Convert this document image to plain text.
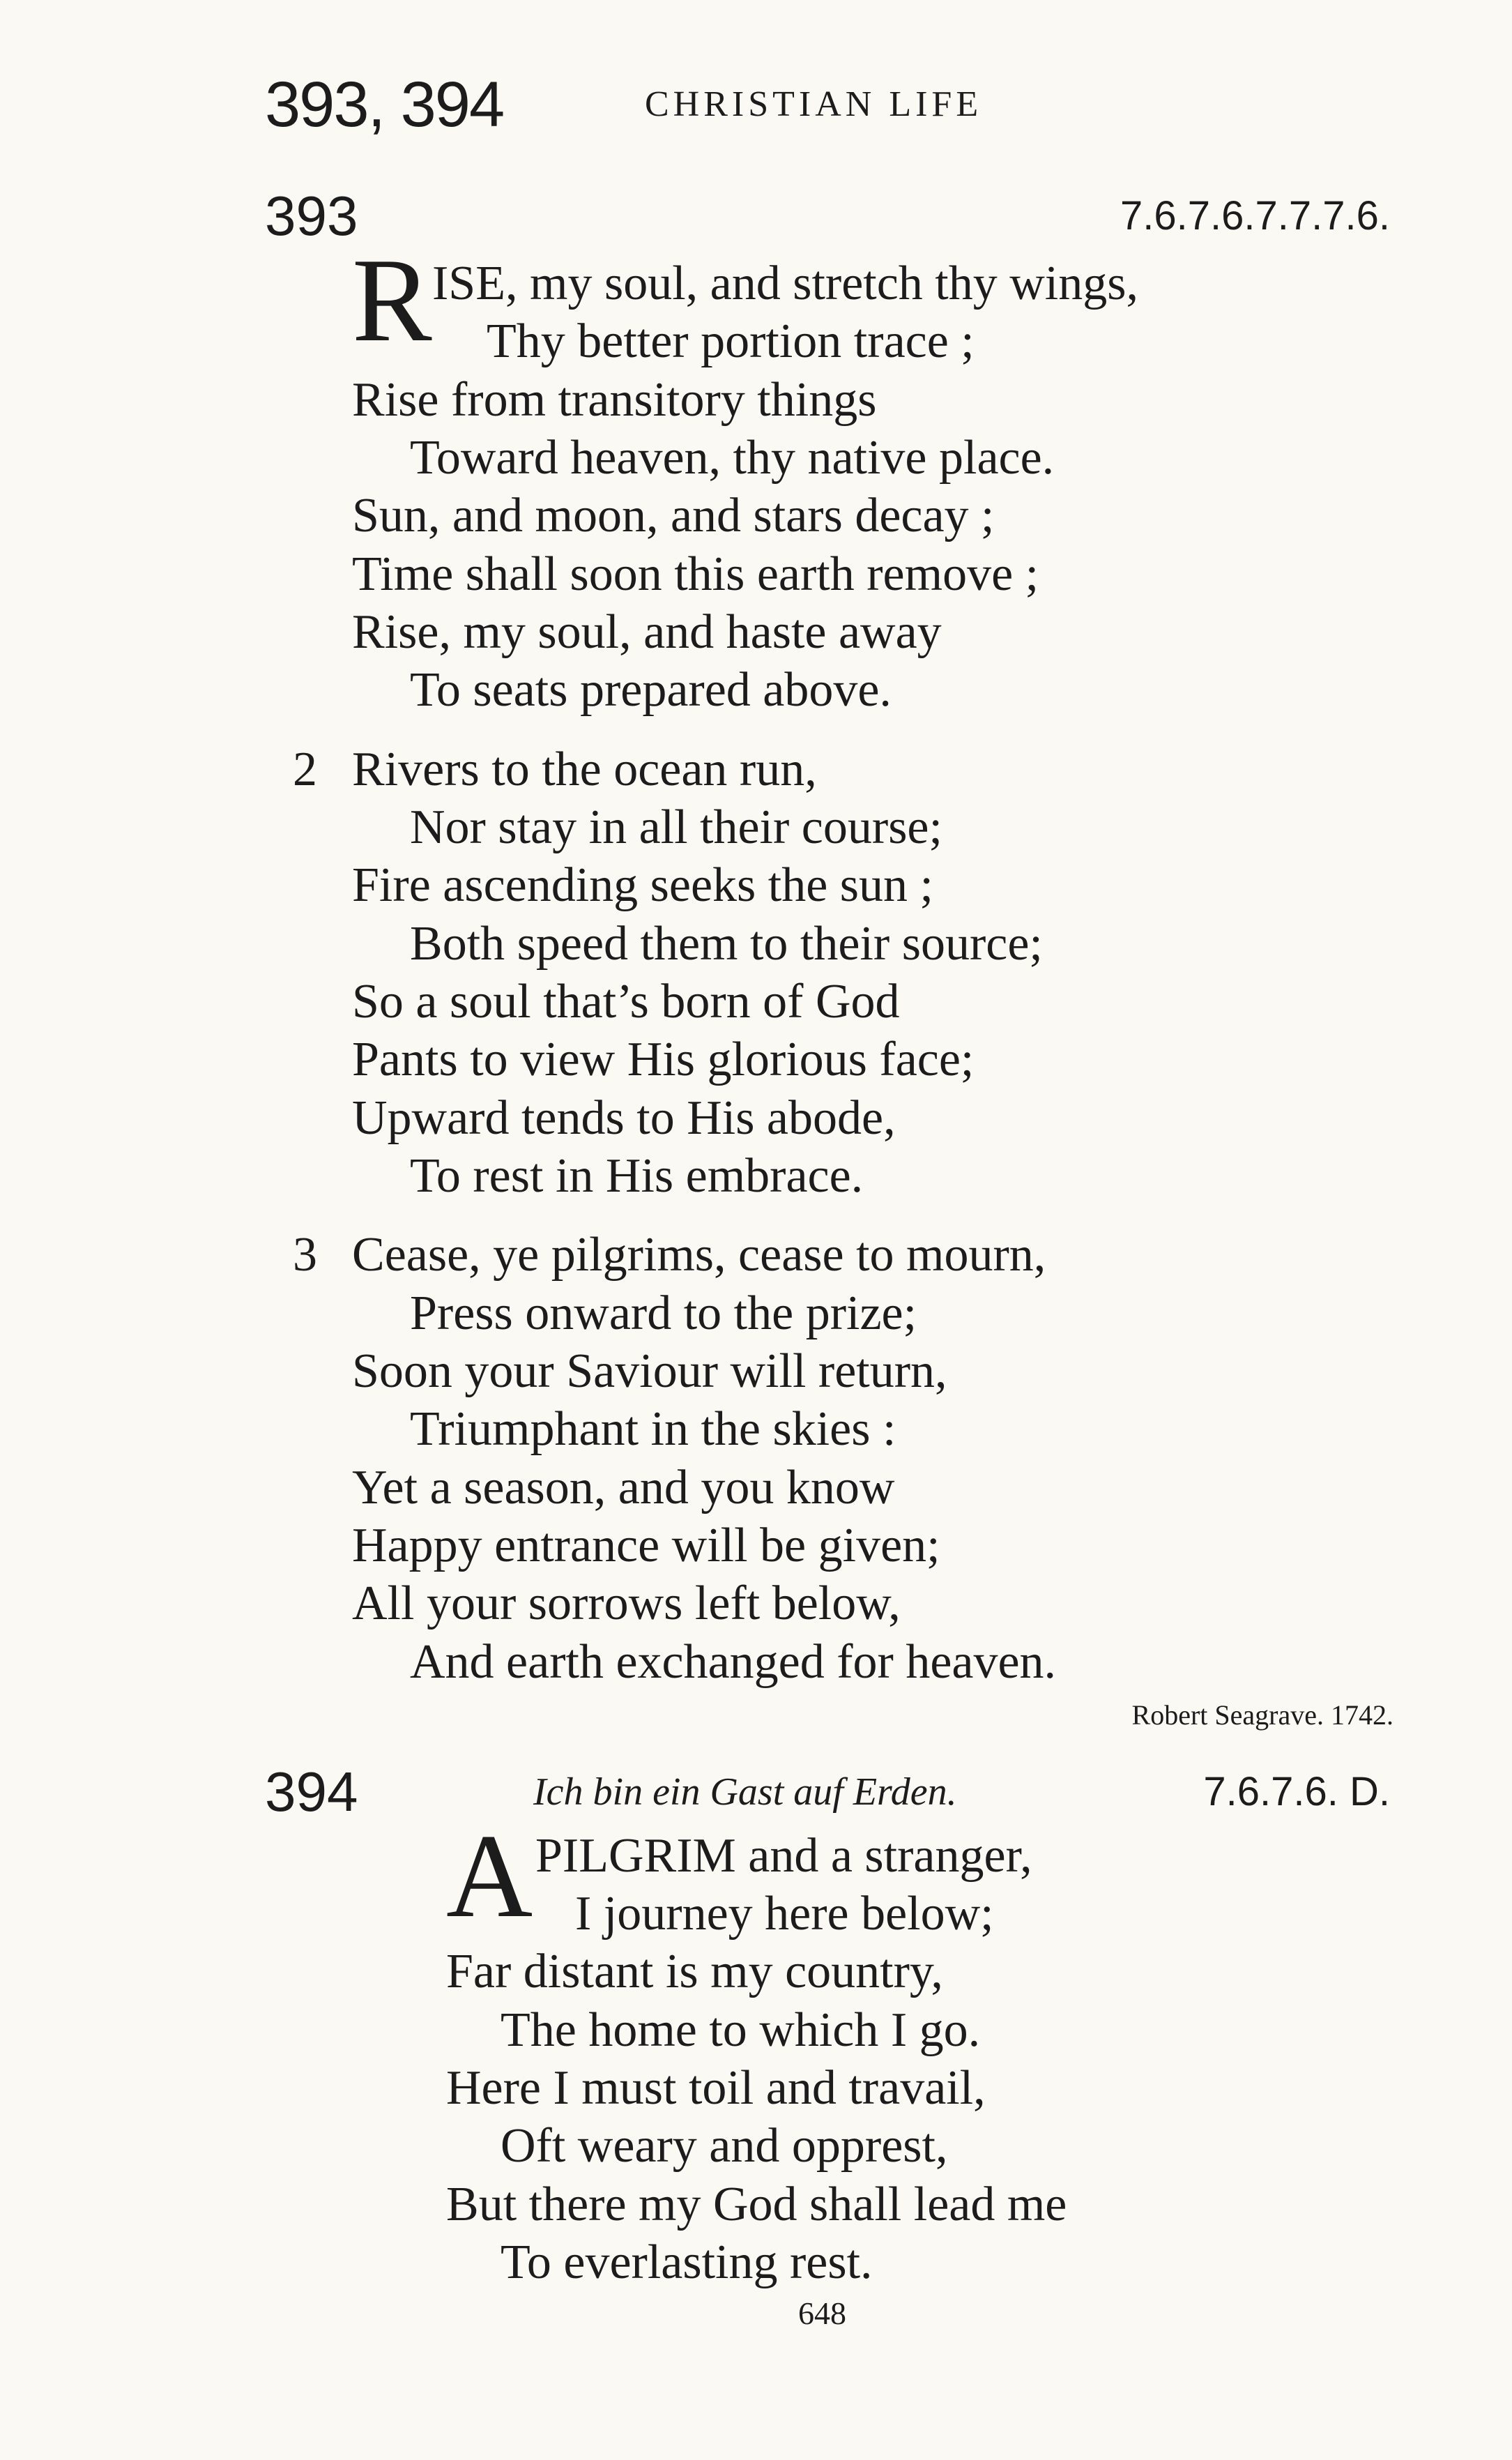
393, 394	CHRISTIAN LIFE
393	7.6.7.6.7.7.7.6.
R ISE, my soul, and stretch thy wings,
Thy better portion trace ;
Rise from transitory things
Toward heaven, thy native place.
Sun, and moon, and stars decay ;
Time shall soon this earth remove ;
Rise, my soul, and haste away
To seats prepared above.
2 Rivers to the ocean run,
Nor stay in all their course;
Fire ascending seeks the sun ;
Both speed them to their source;
So a soul that’s born of God
Pants to view His glorious face;
Upward tends to His abode,
To rest in His embrace.
3 Cease, ye pilgrims, cease to mourn,
Press onward to the prize;
Soon your Saviour will return,
Triumphant in the skies :
Yet a season, and you know
Happy entrance will be given;
All your sorrows left below,
And earth exchanged for heaven.
Robert Seagrave. 1742.
394	Ich bin ein Gast auf Erden.	7.6.7.6. D.
A PILGRIM and a stranger,
I journey here below;
Far distant is my country,
The home to which I go.
Here I must toil and travail,
Oft weary and opprest,
But there my God shall lead me
To everlasting rest.
648
